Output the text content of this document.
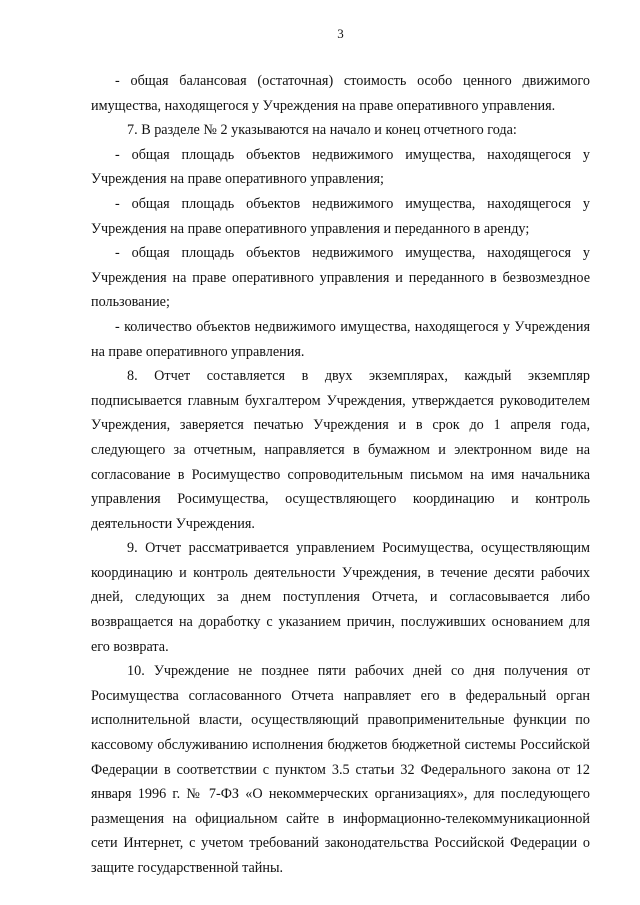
3

- общая балансовая (остаточная) стоимость особо ценного движимого имущества, находящегося у Учреждения на праве оперативного управления.

7. В разделе № 2 указываются на начало и конец отчетного года:

- общая площадь объектов недвижимого имущества, находящегося у Учреждения на праве оперативного управления;

- общая площадь объектов недвижимого имущества, находящегося у Учреждения на праве оперативного управления и переданного в аренду;

- общая площадь объектов недвижимого имущества, находящегося у Учреждения на праве оперативного управления и переданного в безвозмездное пользование;

- количество объектов недвижимого имущества, находящегося у Учреждения на праве оперативного управления.

8. Отчет составляется в двух экземплярах, каждый экземпляр подписывается главным бухгалтером Учреждения, утверждается руководителем Учреждения, заверяется печатью Учреждения и в срок до 1 апреля года, следующего за отчетным, направляется в бумажном и электронном виде на согласование в Росимущество сопроводительным письмом на имя начальника управления Росимущества, осуществляющего координацию и контроль деятельности Учреждения.

9. Отчет рассматривается управлением Росимущества, осуществляющим координацию и контроль деятельности Учреждения, в течение десяти рабочих дней, следующих за днем поступления Отчета, и согласовывается либо возвращается на доработку с указанием причин, послуживших основанием для его возврата.

10. Учреждение не позднее пяти рабочих дней со дня получения от Росимущества согласованного Отчета направляет его в федеральный орган исполнительной власти, осуществляющий правоприменительные функции по кассовому обслуживанию исполнения бюджетов бюджетной системы Российской Федерации в соответствии с пунктом 3.5 статьи 32 Федерального закона от 12 января 1996 г. № 7-ФЗ «О некоммерческих организациях», для последующего размещения на официальном сайте в информационно-телекоммуникационной сети Интернет, с учетом требований законодательства Российской Федерации о защите государственной тайны.
